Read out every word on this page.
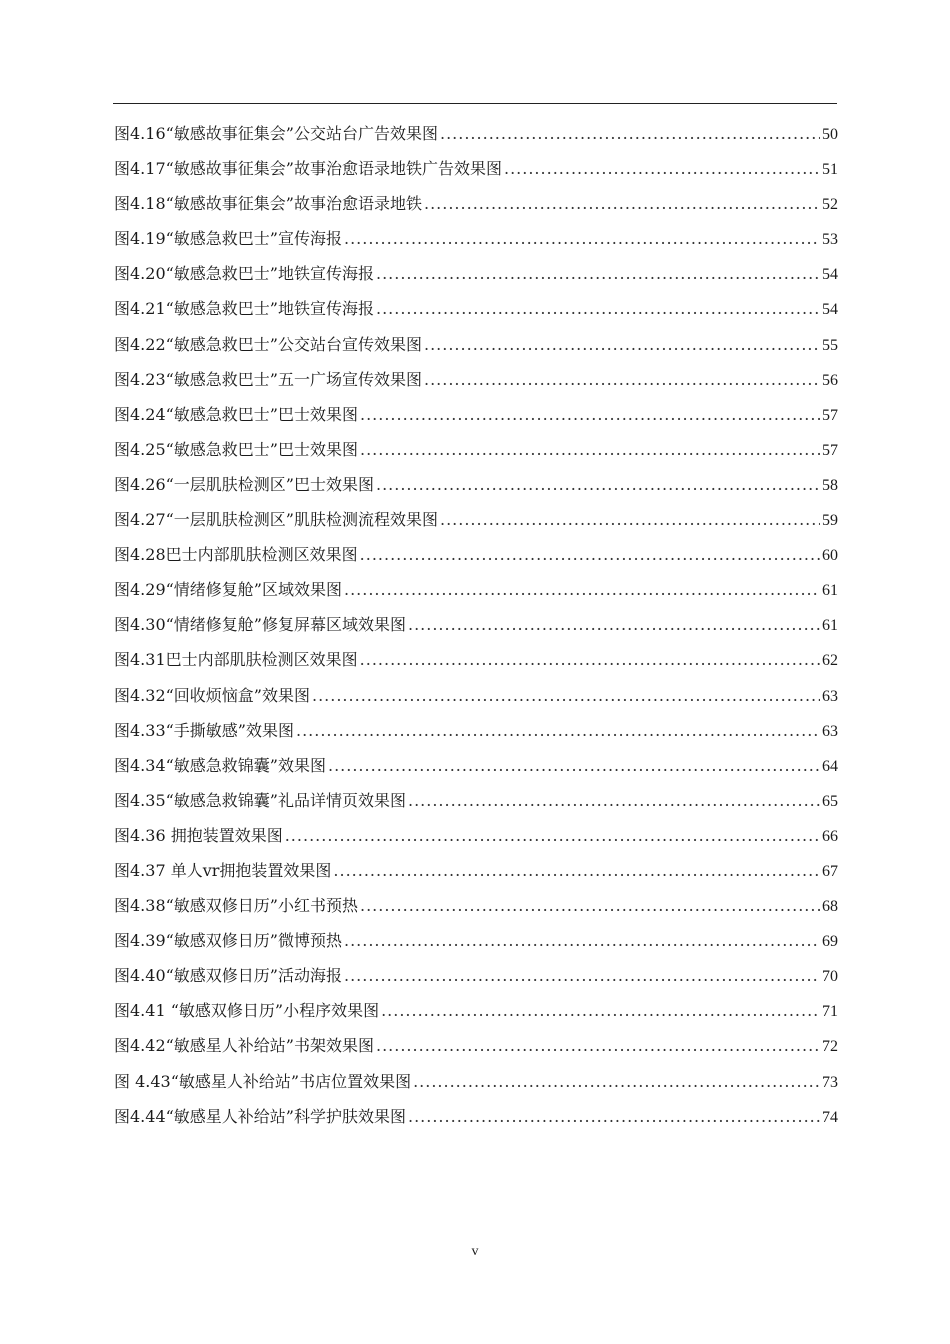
图4.16“敏感故事征集会”公交站台广告效果图 .....	50
图4.17“敏感故事征集会”故事治愈语录地铁广告效果图 .....	51
图4.18“敏感故事征集会”故事治愈语录地铁 .....	52
图4.19“敏感急救巴士”宣传海报 .....	53
图4.20“敏感急救巴士”地铁宣传海报 .....	54
图4.21“敏感急救巴士”地铁宣传海报 .....	54
图4.22“敏感急救巴士”公交站台宣传效果图 .....	55
图4.23“敏感急救巴士”五一广场宣传效果图 .....	56
图4.24“敏感急救巴士”巴士效果图 .....	57
图4.25“敏感急救巴士”巴士效果图 .....	57
图4.26“一层肌肤检测区”巴士效果图 .....	58
图4.27“一层肌肤检测区”肌肤检测流程效果图 .....	59
图4.28巴士内部肌肤检测区效果图 .....	60
图4.29“情绪修复舱”区域效果图 .....	61
图4.30“情绪修复舱”修复屏幕区域效果图 .....	61
图4.31巴士内部肌肤检测区效果图 .....	62
图4.32“回收烦恼盒”效果图 .....	63
图4.33“手撕敏感”效果图 .....	63
图4.34“敏感急救锦囊”效果图 .....	64
图4.35“敏感急救锦囊”礼品详情页效果图 .....	65
图4.36 拥抱装置效果图 .....	66
图4.37 单人vr拥抱装置效果图 .....	67
图4.38“敏感双修日历”小红书预热 .....	68
图4.39“敏感双修日历”微博预热 .....	69
图4.40“敏感双修日历”活动海报 .....	70
图4.41 “敏感双修日历”小程序效果图 .....	71
图4.42“敏感星人补给站”书架效果图 .....	72
图 4.43“敏感星人补给站”书店位置效果图 .....	73
图4.44“敏感星人补给站”科学护肤效果图 .....	74
v
